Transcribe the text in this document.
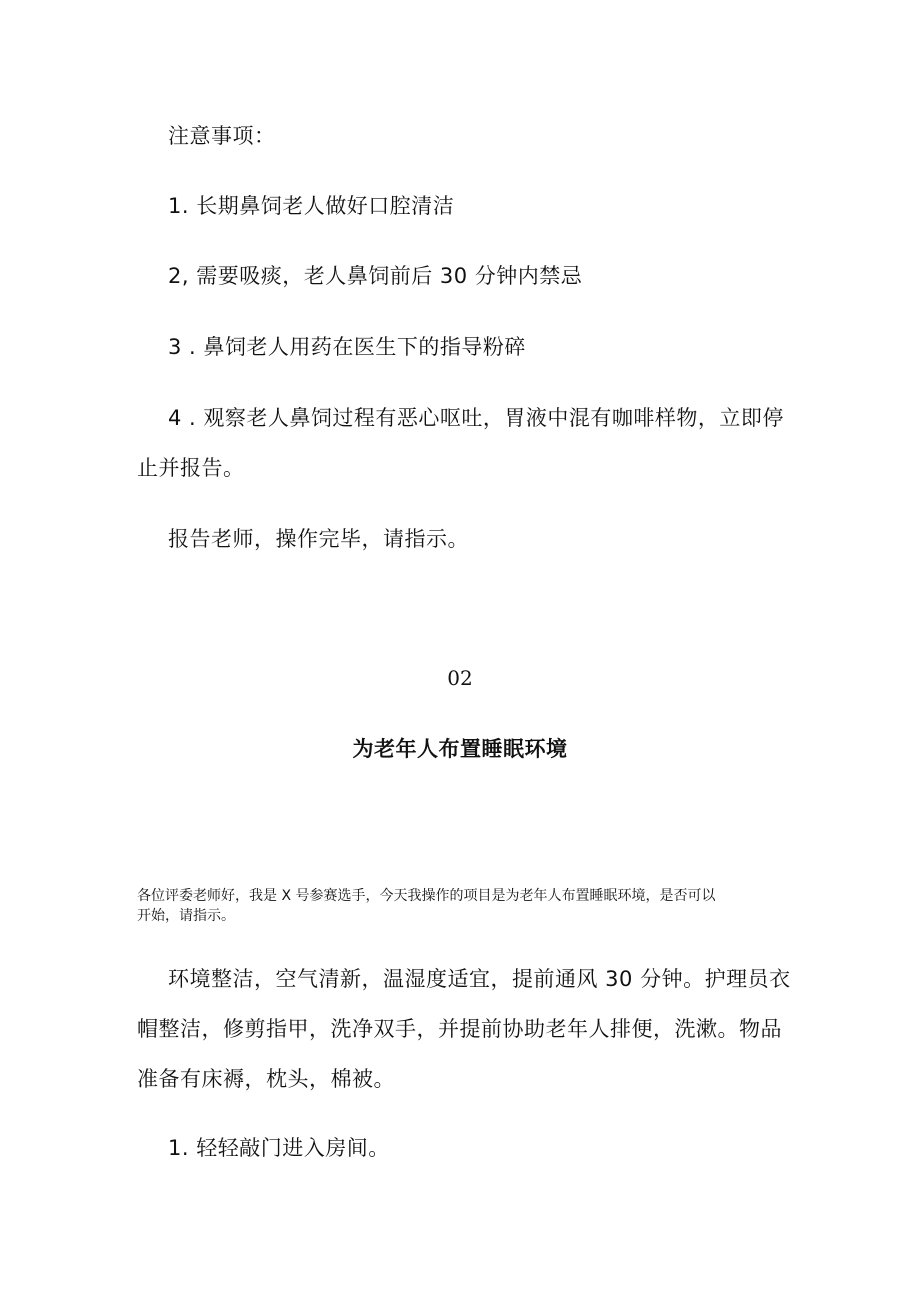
注意事项：
1. 长期鼻饲老人做好口腔清洁
2, 需要吸痰，老人鼻饲前后 30 分钟内禁忌
3 . 鼻饲老人用药在医生下的指导粉碎
4 . 观察老人鼻饲过程有恶心呕吐，胃液中混有咖啡样物，立即停
止并报告。
报告老师，操作完毕，请指示。
02
为老年人布置睡眠环境
各位评委老师好，我是 X 号参赛选手，今天我操作的项目是为老年人布置睡眠环境，是否可以
开始，请指示。
环境整洁，空气清新，温湿度适宜，提前通风 30 分钟。护理员衣
帽整洁，修剪指甲，洗净双手，并提前协助老年人排便，洗漱。物品
准备有床褥，枕头，棉被。
1. 轻轻敲门进入房间。
